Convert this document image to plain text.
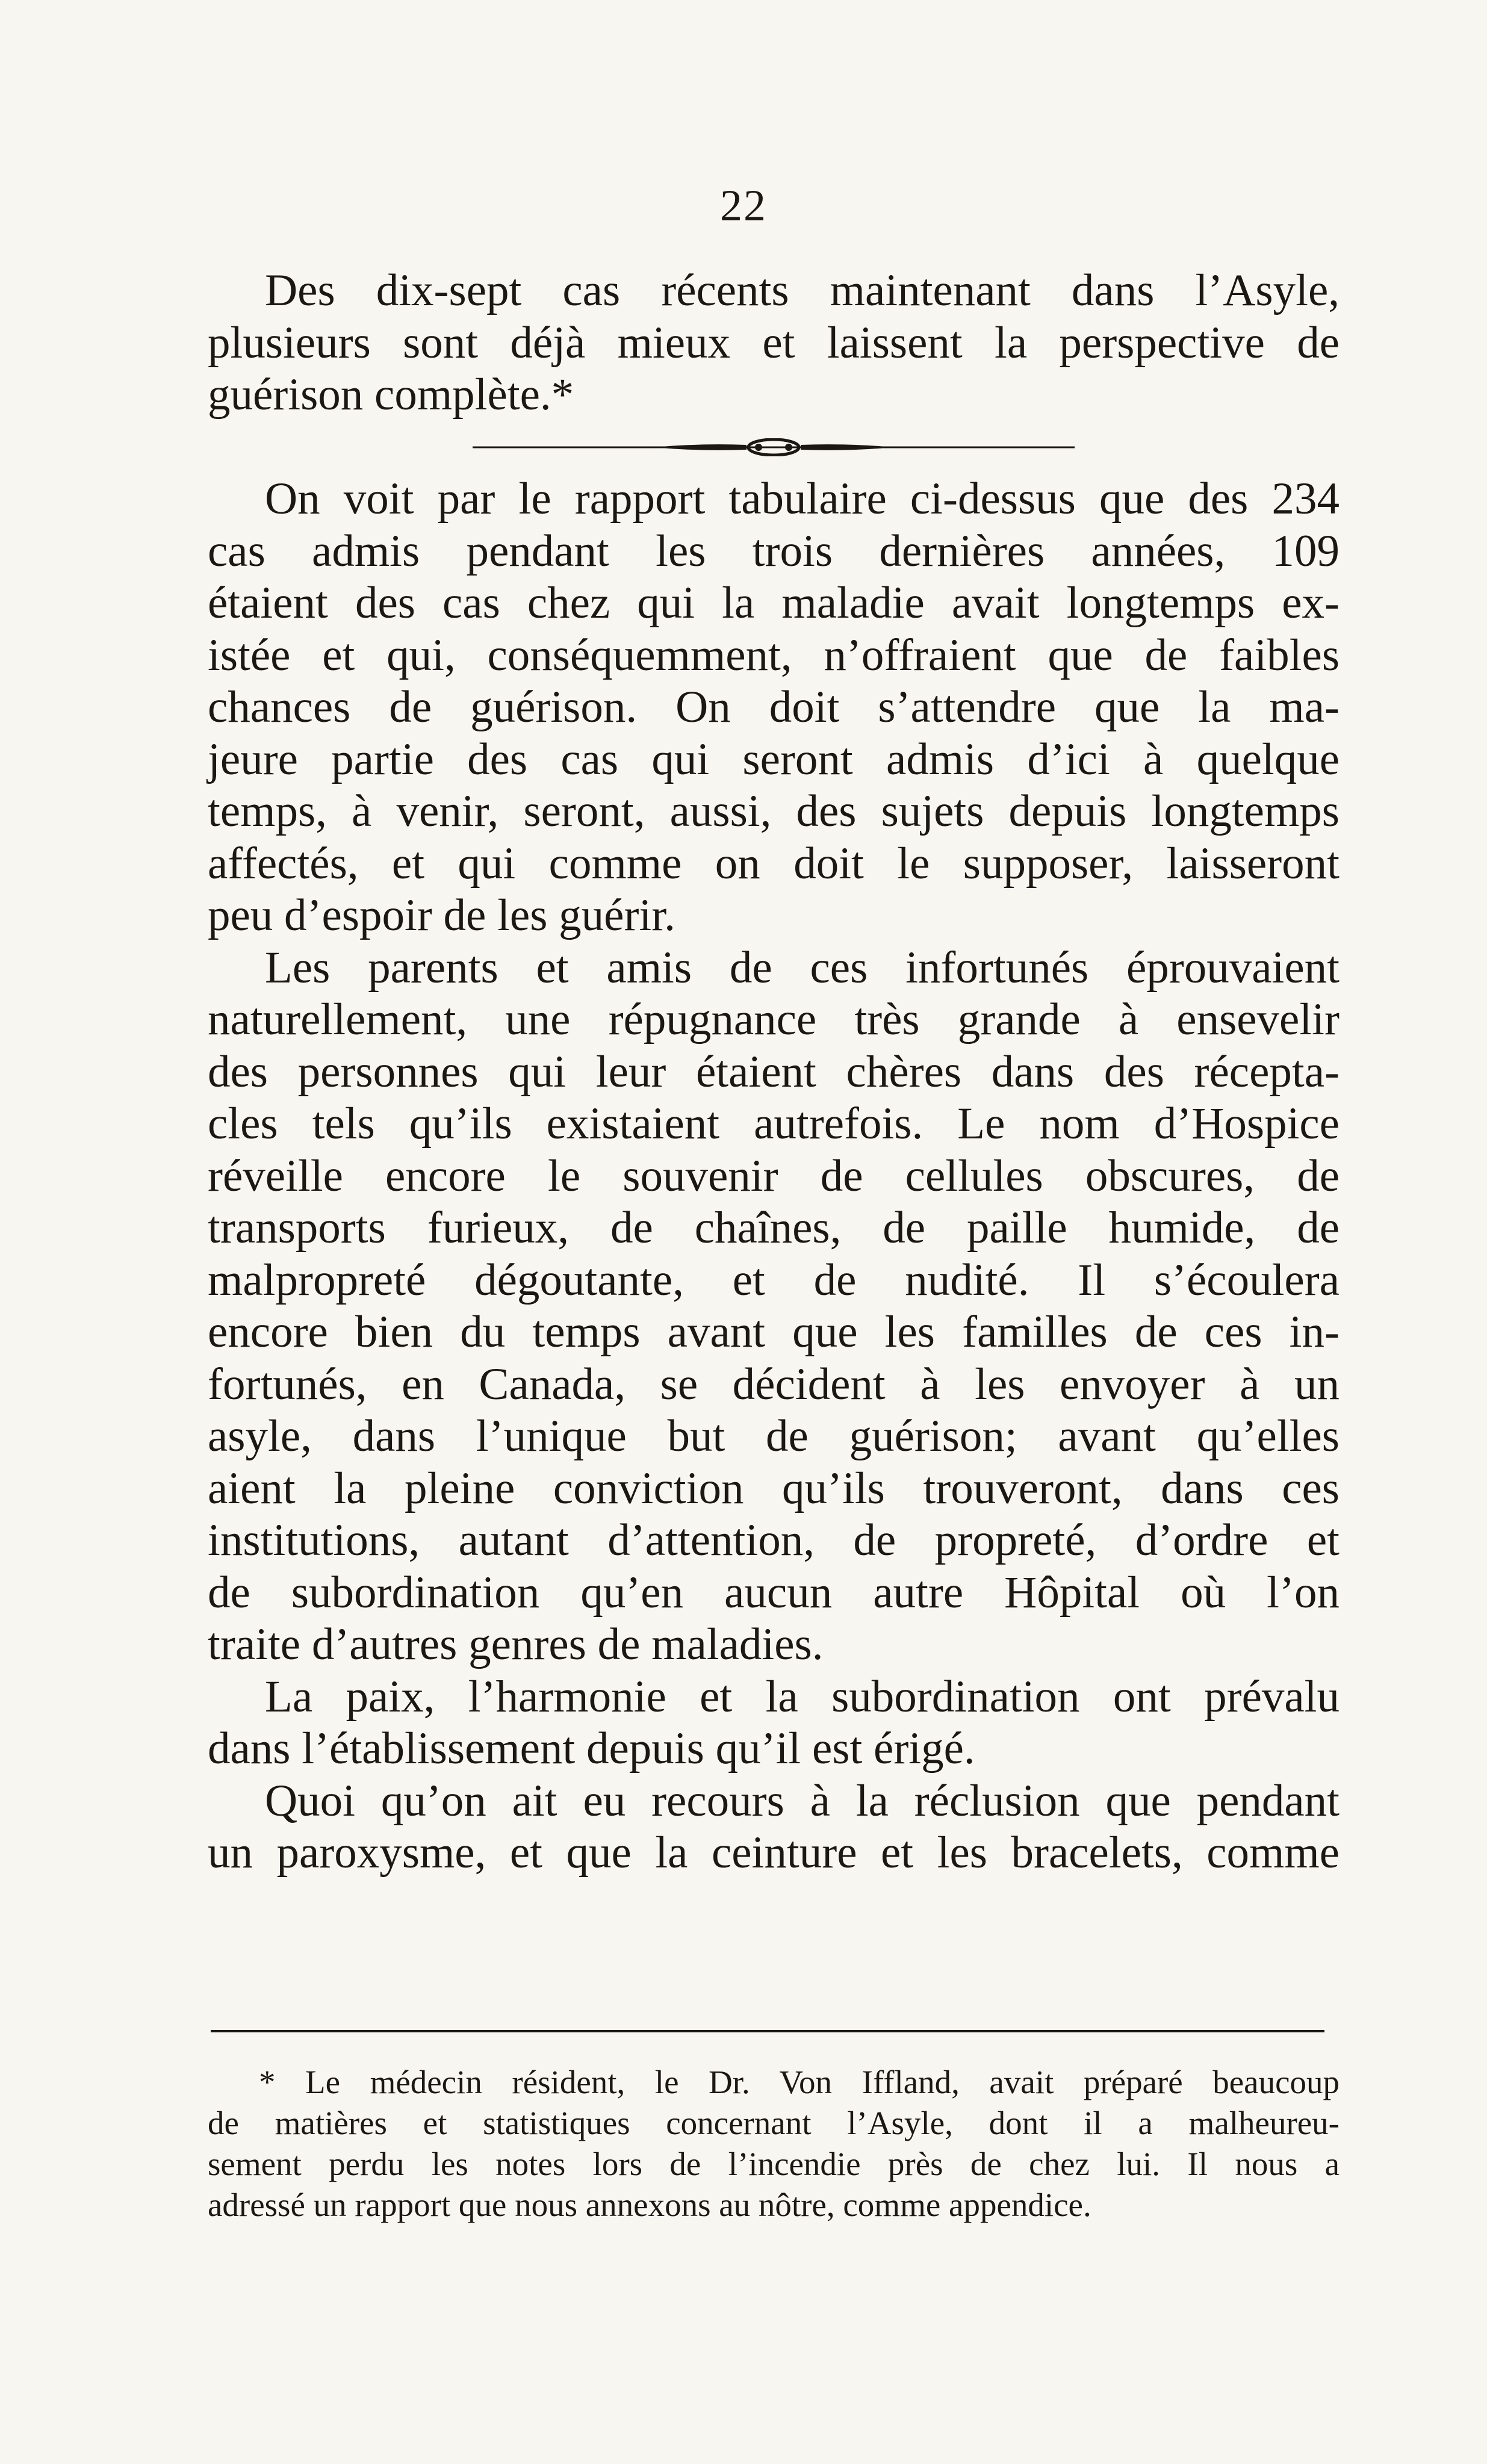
22
Des dix-sept cas récents maintenant dans l’Asyle,
plusieurs sont déjà mieux et laissent la perspective de
guérison complète.*
On voit par le rapport tabulaire ci-dessus que des 234
cas admis pendant les trois dernières années, 109
étaient des cas chez qui la maladie avait longtemps ex-
istée et qui, conséquemment, n’offraient que de faibles
chances de guérison. On doit s’attendre que la ma-
jeure partie des cas qui seront admis d’ici à quelque
temps, à venir, seront, aussi, des sujets depuis longtemps
affectés, et qui comme on doit le supposer, laisseront
peu d’espoir de les guérir.
Les parents et amis de ces infortunés éprouvaient
naturellement, une répugnance très grande à ensevelir
des personnes qui leur étaient chères dans des récepta-
cles tels qu’ils existaient autrefois. Le nom d’Hospice
réveille encore le souvenir de cellules obscures, de
transports furieux, de chaînes, de paille humide, de
malpropreté dégoutante, et de nudité. Il s’écoulera
encore bien du temps avant que les familles de ces in-
fortunés, en Canada, se décident à les envoyer à un
asyle, dans l’unique but de guérison; avant qu’elles
aient la pleine conviction qu’ils trouveront, dans ces
institutions, autant d’attention, de propreté, d’ordre et
de subordination qu’en aucun autre Hôpital où l’on
traite d’autres genres de maladies.
La paix, l’harmonie et la subordination ont prévalu
dans l’établissement depuis qu’il est érigé.
Quoi qu’on ait eu recours à la réclusion que pendant
un paroxysme, et que la ceinture et les bracelets, comme
* Le médecin résident, le Dr. Von Iffland, avait préparé beaucoup
de matières et statistiques concernant l’Asyle, dont il a malheureu-
sement perdu les notes lors de l’incendie près de chez lui. Il nous a
adressé un rapport que nous annexons au nôtre, comme appendice.
